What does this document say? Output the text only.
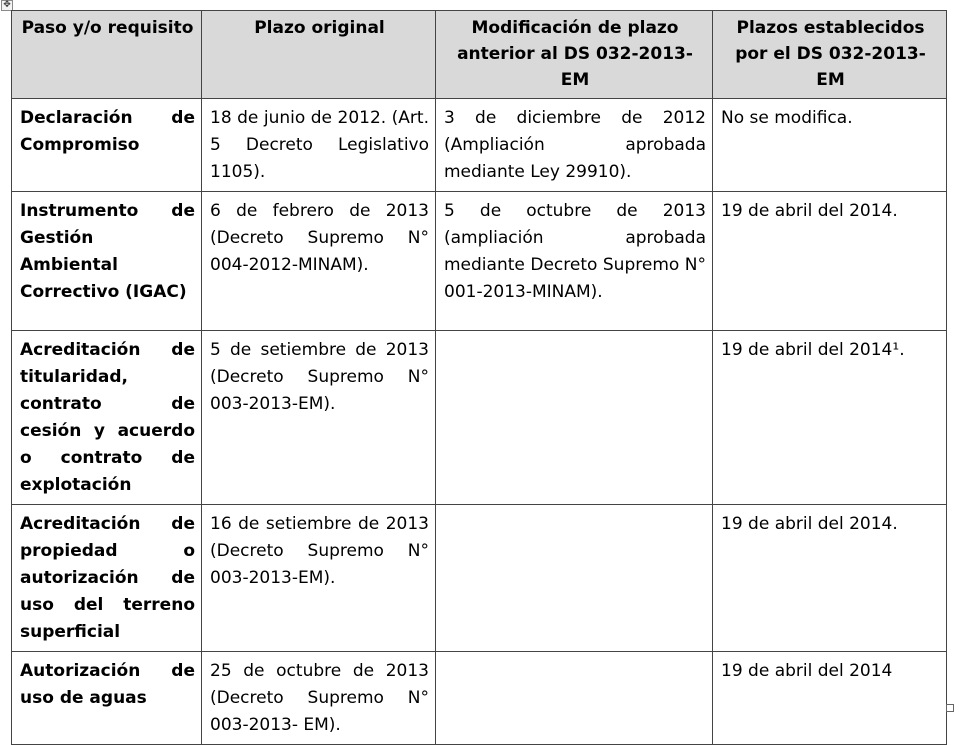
✥
Paso y/o requisito	Plazo original	Modificación de plazo anterior al DS 032-2013-EM	Plazos establecidos por el DS 032-2013-EM
Declaración de Compromiso	18 de junio de 2012. (Art. 5 Decreto Legislativo 1105).	3 de diciembre de 2012 (Ampliación aprobada mediante Ley 29910).	No se modifica.
Instrumento de Gestión Ambiental Correctivo (IGAC)	6 de febrero de 2013 (Decreto Supremo N° 004-2012-MINAM).	5 de octubre de 2013 (ampliación aprobada mediante Decreto Supremo N° 001-2013-MINAM).	19 de abril del 2014.
Acreditación de titularidad, contrato de cesión y acuerdo o contrato de explotación	5 de setiembre de 2013 (Decreto Supremo N° 003-2013-EM).		19 de abril del 2014¹.
Acreditación de propiedad o autorización de uso del terreno superficial	16 de setiembre de 2013 (Decreto Supremo N° 003-2013-EM).		19 de abril del 2014.
Autorización de uso de aguas	25 de octubre de 2013 (Decreto Supremo N° 003-2013- EM).		19 de abril del 2014
